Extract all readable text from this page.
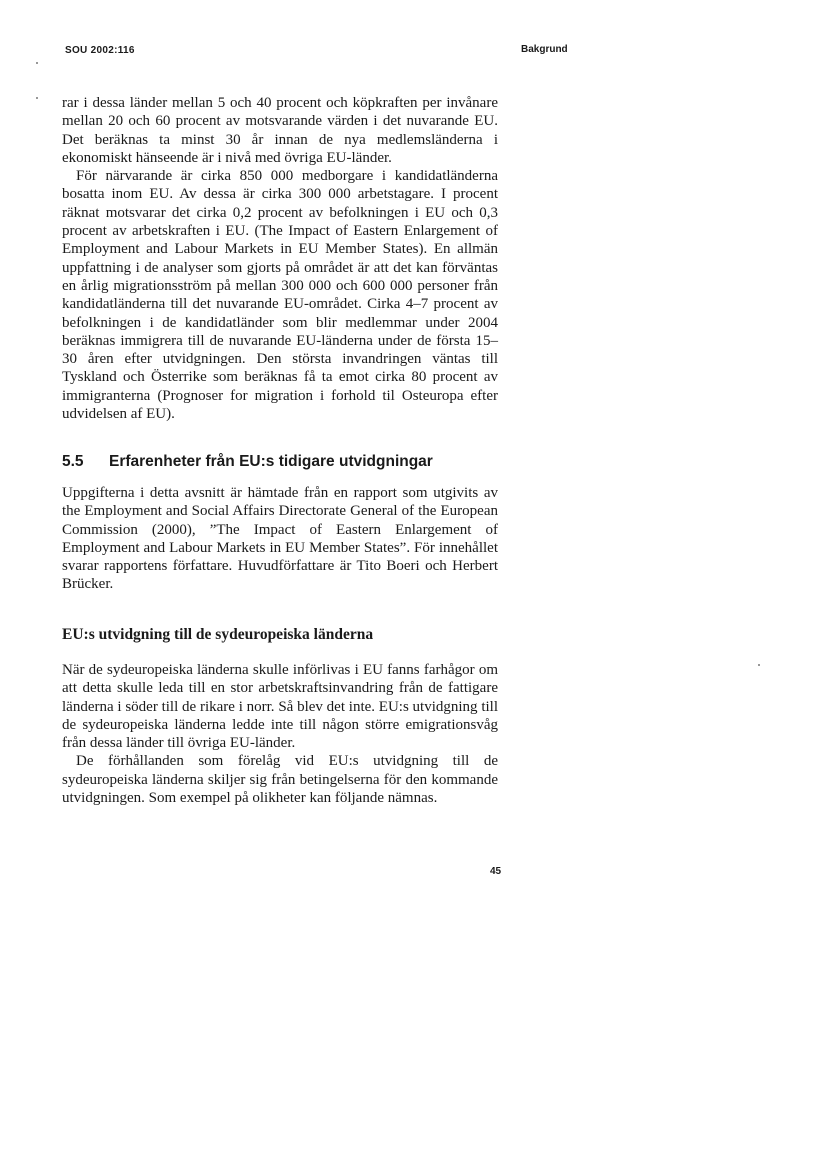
SOU 2002:116	Bakgrund

rar i dessa länder mellan 5 och 40 procent och köpkraften per invånare mellan 20 och 60 procent av motsvarande värden i det nuvarande EU. Det beräknas ta minst 30 år innan de nya medlemsländerna i ekonomiskt hänseende är i nivå med övriga EU-länder.

För närvarande är cirka 850 000 medborgare i kandidatländerna bosatta inom EU. Av dessa är cirka 300 000 arbetstagare. I procent räknat motsvarar det cirka 0,2 procent av befolkningen i EU och 0,3 procent av arbetskraften i EU. (The Impact of Eastern Enlargement of Employment and Labour Markets in EU Member States). En allmän uppfattning i de analyser som gjorts på området är att det kan förväntas en årlig migrationsström på mellan 300 000 och 600 000 personer från kandidatländerna till det nuvarande EU-området. Cirka 4–7 procent av befolkningen i de kandidatländer som blir medlemmar under 2004 beräknas immigrera till de nuvarande EU-länderna under de första 15–30 åren efter utvidgningen. Den största invandringen väntas till Tyskland och Österrike som beräknas få ta emot cirka 80 procent av immigranterna (Prognoser for migration i forhold til Osteuropa efter udvidelsen af EU).

5.5 Erfarenheter från EU:s tidigare utvidgningar

Uppgifterna i detta avsnitt är hämtade från en rapport som utgivits av the Employment and Social Affairs Directorate General of the European Commission (2000), ”The Impact of Eastern Enlargement of Employment and Labour Markets in EU Member States”. För innehållet svarar rapportens författare. Huvudförfattare är Tito Boeri och Herbert Brücker.

EU:s utvidgning till de sydeuropeiska länderna

När de sydeuropeiska länderna skulle införlivas i EU fanns farhågor om att detta skulle leda till en stor arbetskraftsinvandring från de fattigare länderna i söder till de rikare i norr. Så blev det inte. EU:s utvidgning till de sydeuropeiska länderna ledde inte till någon större emigrationsvåg från dessa länder till övriga EU-länder.

De förhållanden som förelåg vid EU:s utvidgning till de sydeuropeiska länderna skiljer sig från betingelserna för den kommande utvidgningen. Som exempel på olikheter kan följande nämnas.

45
